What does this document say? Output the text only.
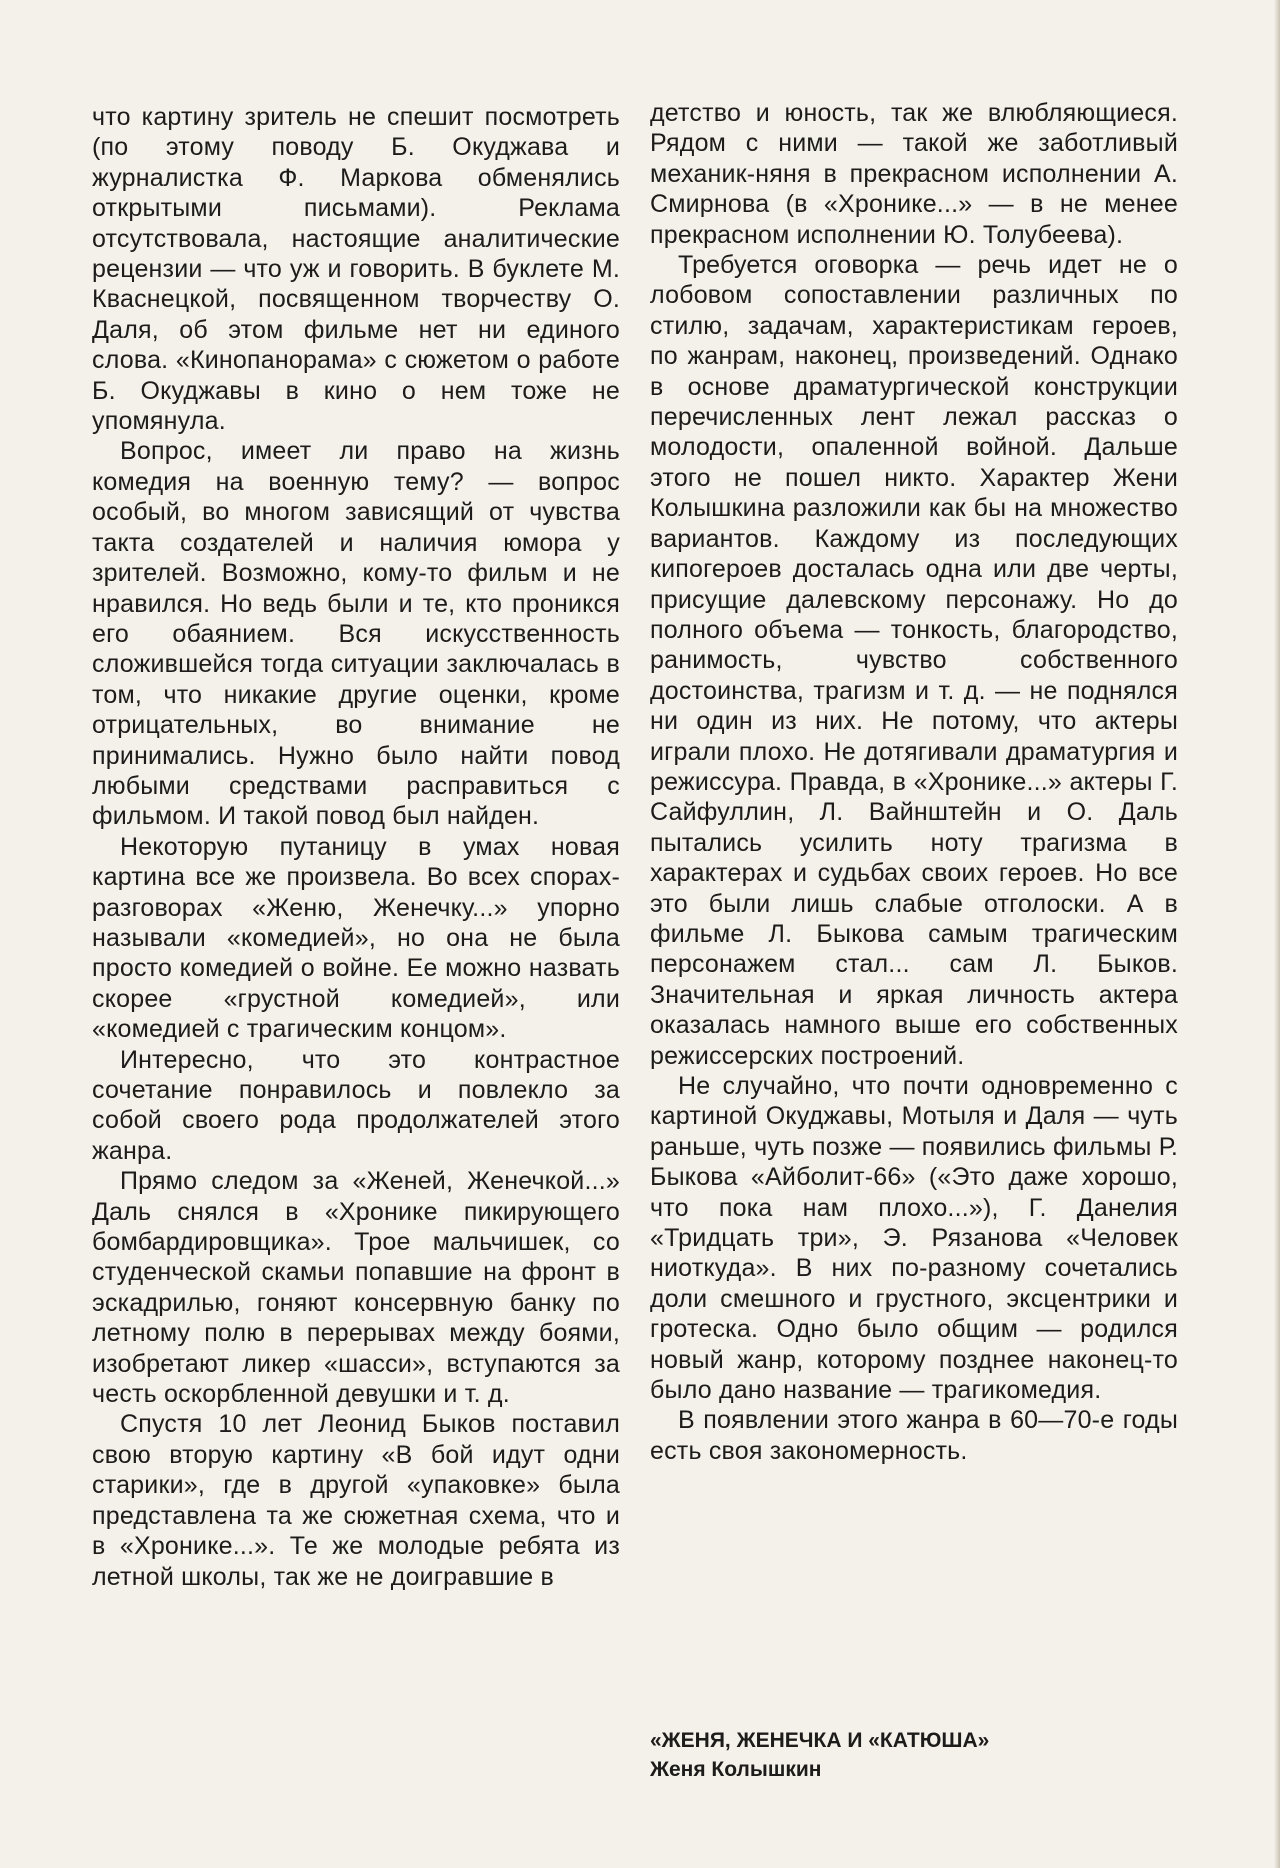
что картину зритель не спешит посмотреть (по этому поводу Б. Окуджава и журналистка Ф. Маркова обменялись открытыми письмами). Реклама отсутствовала, настоящие аналитические рецензии — что уж и говорить. В буклете М. Кваснецкой, посвященном творчеству О. Даля, об этом фильме нет ни единого слова. «Кинопанорама» с сюжетом о работе Б. Окуджавы в кино о нем тоже не упомянула.

Вопрос, имеет ли право на жизнь комедия на военную тему? — вопрос особый, во многом зависящий от чувства такта создателей и наличия юмора у зрителей. Возможно, кому-то фильм и не нравился. Но ведь были и те, кто проникся его обаянием. Вся искусственность сложившейся тогда ситуации заключалась в том, что никакие другие оценки, кроме отрицательных, во внимание не принимались. Нужно было найти повод любыми средствами расправиться с фильмом. И такой повод был найден.

Некоторую путаницу в умах новая картина все же произвела. Во всех спорах-разговорах «Женю, Женечку...» упорно называли «комедией», но она не была просто комедией о войне. Ее можно назвать скорее «грустной комедией», или «комедией с трагическим концом».

Интересно, что это контрастное сочетание понравилось и повлекло за собой своего рода продолжателей этого жанра.

Прямо следом за «Женей, Женечкой...» Даль снялся в «Хронике пикирующего бомбардировщика». Трое мальчишек, со студенческой скамьи попавшие на фронт в эскадрилью, гоняют консервную банку по летному полю в перерывах между боями, изобретают ликер «шасси», вступаются за честь оскорбленной девушки и т. д.

Спустя 10 лет Леонид Быков поставил свою вторую картину «В бой идут одни старики», где в другой «упаковке» была представлена та же сюжетная схема, что и в «Хронике...». Те же молодые ребята из летной школы, так же не доигравшие в

детство и юность, так же влюбляющиеся. Рядом с ними — такой же заботливый механик-няня в прекрасном исполнении А. Смирнова (в «Хронике...» — в не менее прекрасном исполнении Ю. Толубеева).

Требуется оговорка — речь идет не о лобовом сопоставлении различных по стилю, задачам, характеристикам героев, по жанрам, наконец, произведений. Однако в основе драматургической конструкции перечисленных лент лежал рассказ о молодости, опаленной войной. Дальше этого не пошел никто. Характер Жени Колышкина разложили как бы на множество вариантов. Каждому из последующих кипогероев досталась одна или две черты, присущие далевскому персонажу. Но до полного объема — тонкость, благородство, ранимость, чувство собственного достоинства, трагизм и т. д. — не поднялся ни один из них. Не потому, что актеры играли плохо. Не дотягивали драматургия и режиссура. Правда, в «Хронике...» актеры Г. Сайфуллин, Л. Вайнштейн и О. Даль пытались усилить ноту трагизма в характерах и судьбах своих героев. Но все это были лишь слабые отголоски. А в фильме Л. Быкова самым трагическим персонажем стал... сам Л. Быков. Значительная и яркая личность актера оказалась намного выше его собственных режиссерских построений.

Не случайно, что почти одновременно с картиной Окуджавы, Мотыля и Даля — чуть раньше, чуть позже — появились фильмы Р. Быкова «Айболит-66» («Это даже хорошо, что пока нам плохо...»), Г. Данелия «Тридцать три», Э. Рязанова «Человек ниоткуда». В них по-разному сочетались доли смешного и грустного, эксцентрики и гротеска. Одно было общим — родился новый жанр, которому позднее наконец-то было дано название — трагикомедия.

В появлении этого жанра в 60—70-е годы есть своя закономерность.

«ЖЕНЯ, ЖЕНЕЧКА И «КАТЮША»
Женя Колышкин
